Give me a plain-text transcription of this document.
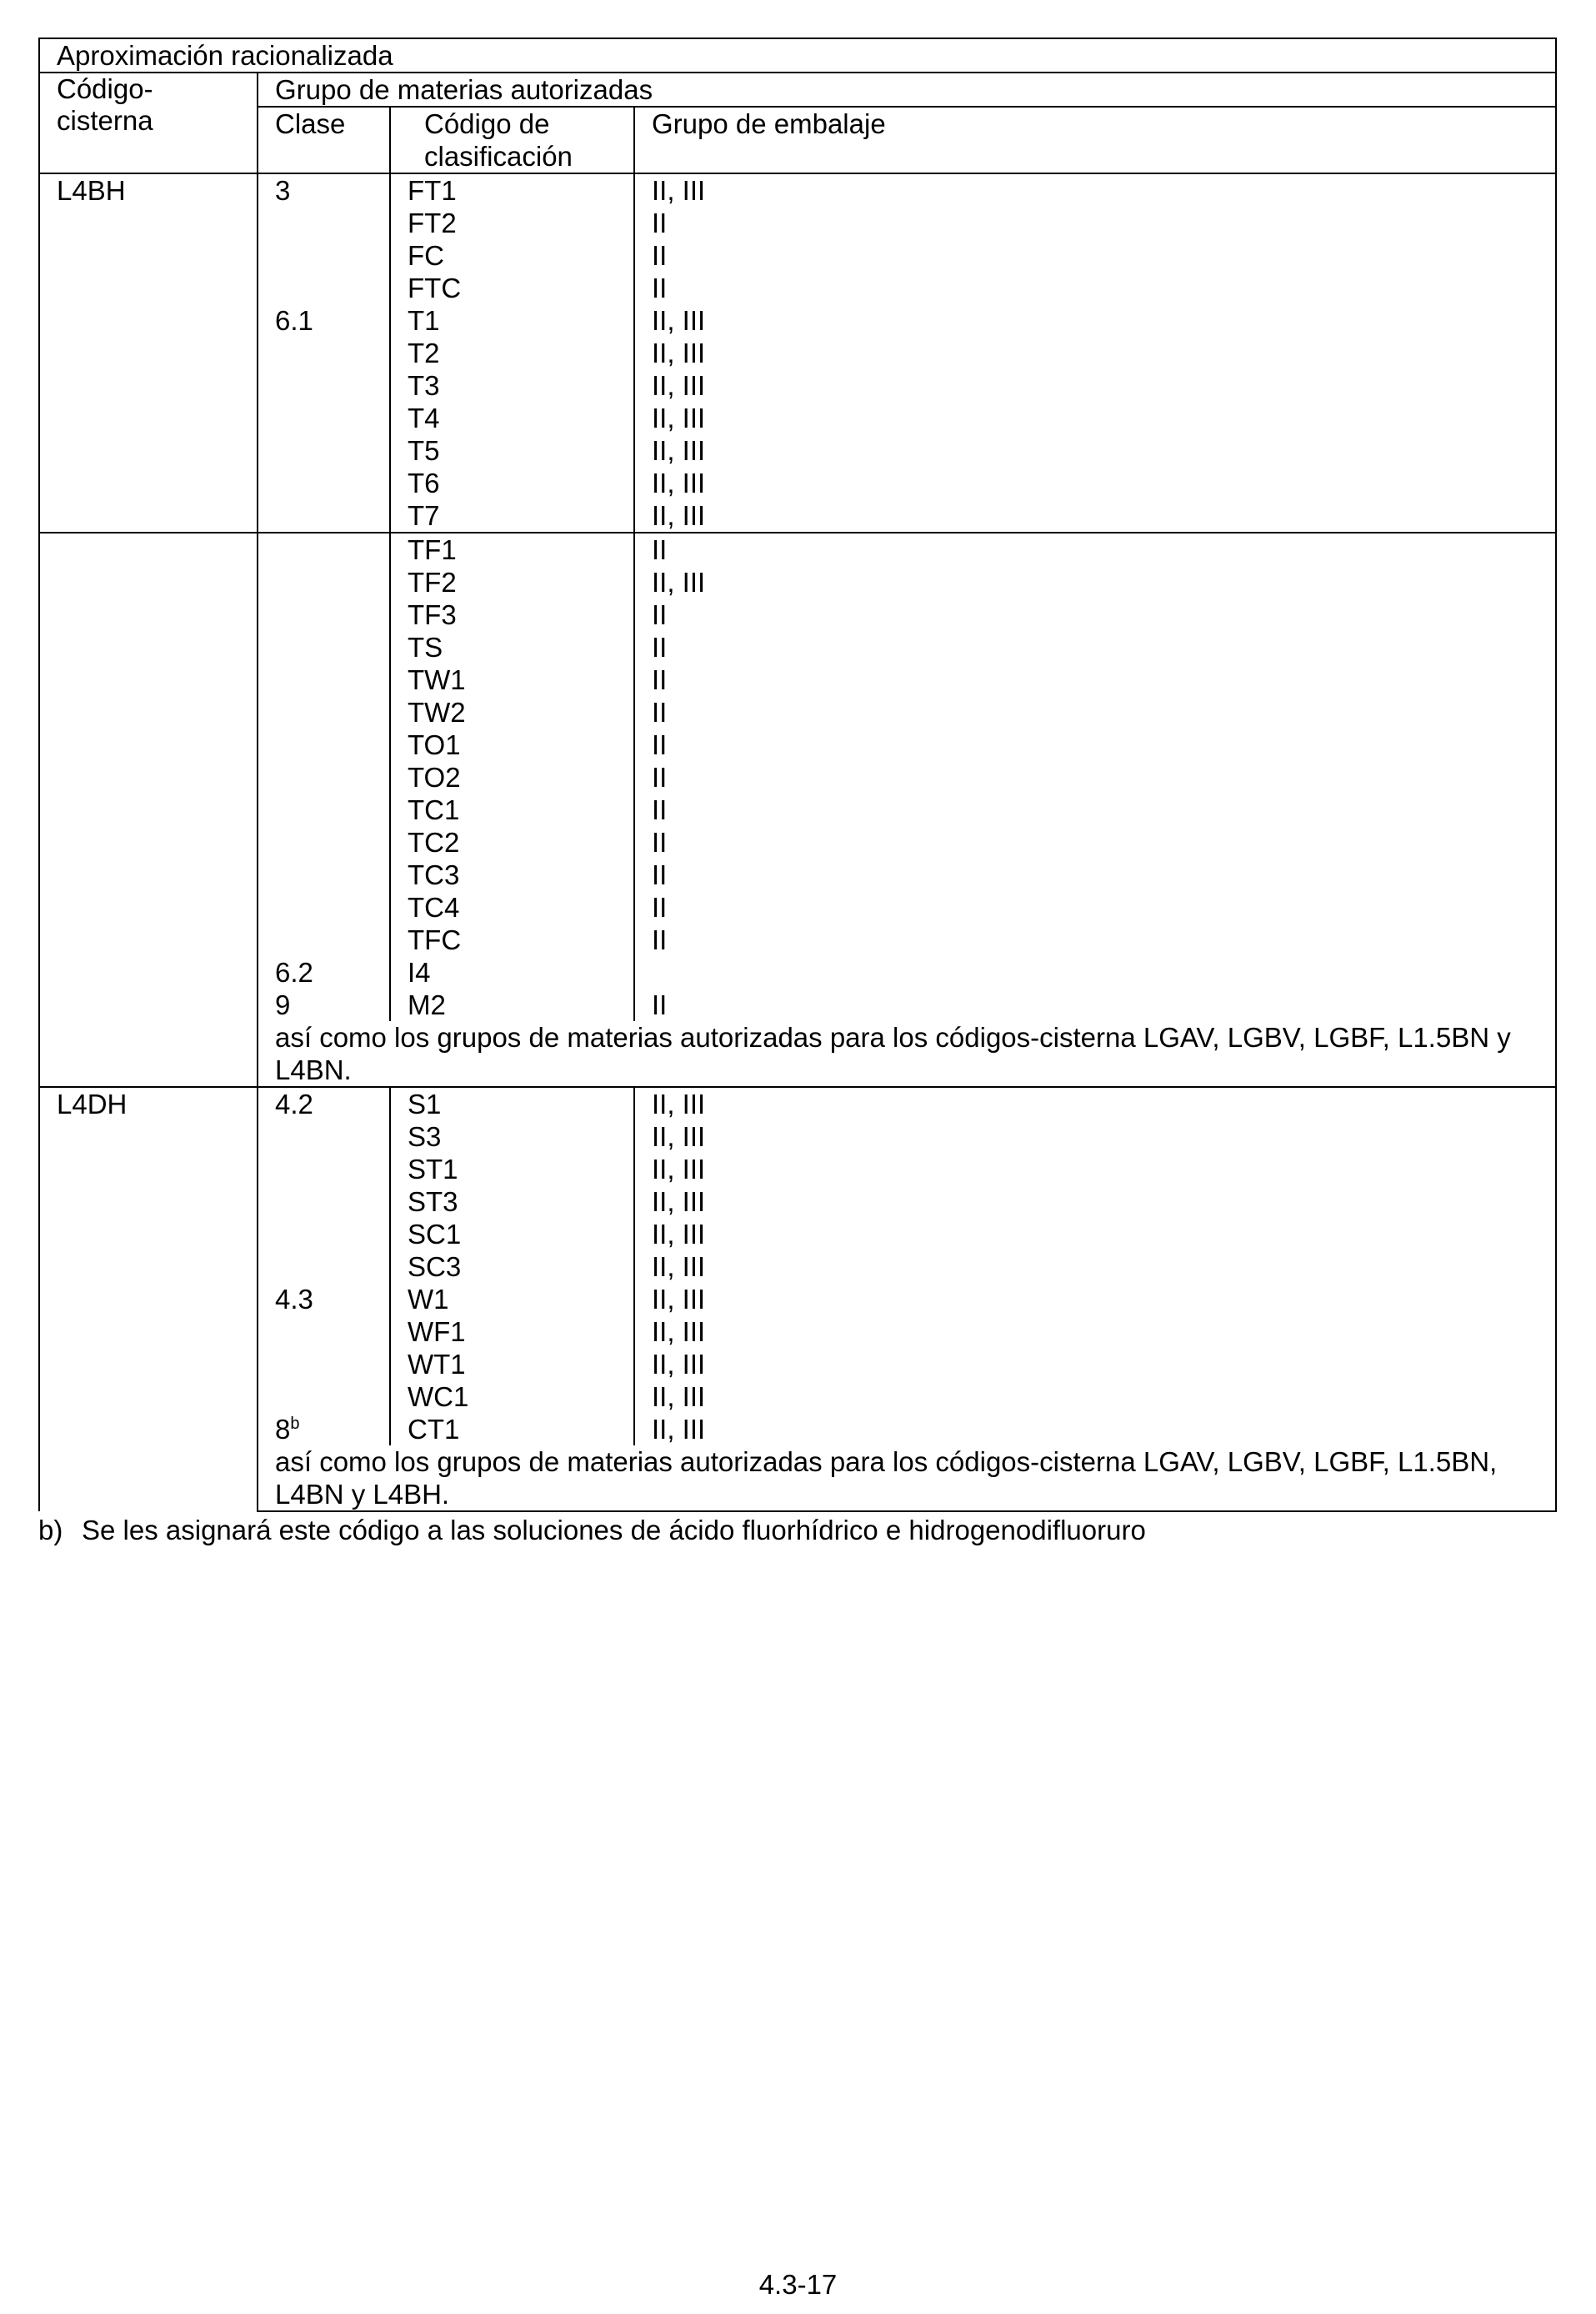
Aproximación racionalizada			
Código-
cisterna	Grupo de materias autorizadas		
	Clase	Código de clasificación	Grupo de embalaje
L4BH	3	FT1	II, III
		FT2	II
		FC	II
		FTC	II
	6.1	T1	II, III
		T2	II, III
		T3	II, III
		T4	II, III
		T5	II, III
		T6	II, III
		T7	II, III
		TF1	II
		TF2	II, III
		TF3	II
		TS	II
		TW1	II
		TW2	II
		TO1	II
		TO2	II
		TC1	II
		TC2	II
		TC3	II
		TC4	II
		TFC	II
	6.2	I4	
	9	M2	II
	así como los grupos de materias autorizadas para los códigos-cisterna LGAV, LGBV, LGBF, L1.5BN y L4BN.		
L4DH	4.2	S1	II, III
		S3	II, III
		ST1	II, III
		ST3	II, III
		SC1	II, III
		SC3	II, III
	4.3	W1	II, III
		WF1	II, III
		WT1	II, III
		WC1	II, III
	8$^b$	CT1	II, III
	así como los grupos de materias autorizadas para los códigos-cisterna LGAV, LGBV, LGBF, L1.5BN, L4BN y L4BH.		
b) Se les asignará este código a las soluciones de ácido fluorhídrico e hidrogenodifluoruro
4.3-17
